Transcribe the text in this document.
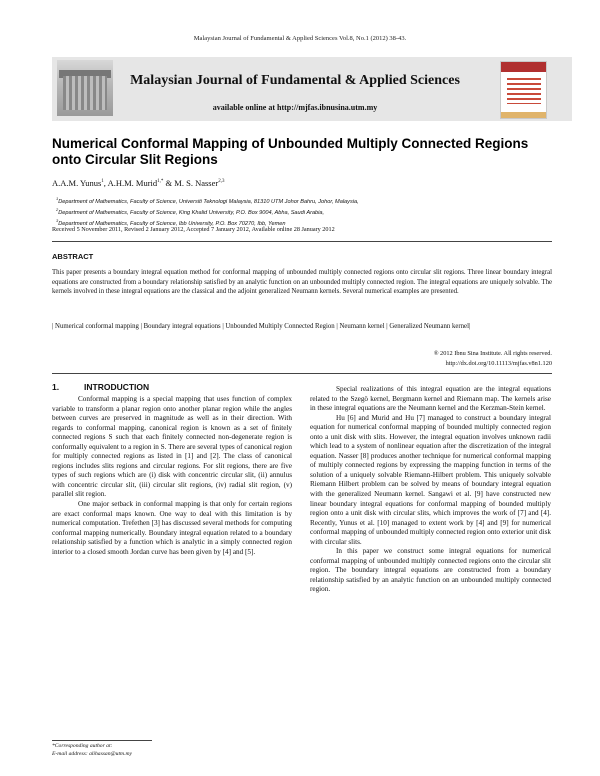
Malaysian Journal of Fundamental & Applied Sciences Vol.8, No.1 (2012) 38-43.
Malaysian Journal of Fundamental & Applied Sciences
available online at http://mjfas.ibnusina.utm.my
Numerical Conformal Mapping of Unbounded Multiply Connected Regions onto Circular Slit Regions
A.A.M. Yunus$^1$, A.H.M. Murid$^{1,*}$ & M. S. Nasser$^{2,3}$
$^1$Department of Mathematics, Faculty of Science, Universiti Teknologi Malaysia, 81310 UTM Johor Bahru, Johor, Malaysia,
$^2$Department of Mathematics, Faculty of Science, King Khalid University, P.O. Box 9004, Abha, Saudi Arabia,
$^3$Department of Mathematics, Faculty of Science, Ibb University, P.O. Box 70270, Ibb, Yemen
Received 5 November 2011, Revised 2 January 2012, Accepted 7 January 2012, Available online 28 January 2012
ABSTRACT
This paper presents a boundary integral equation method for conformal mapping of unbounded multiply connected regions onto circular slit regions. Three linear boundary integral equations are constructed from a boundary relationship satisfied by an analytic function on an unbounded multiply connected region. The integral equations are uniquely solvable. The kernels involved in these integral equations are the classical and the adjoint generalized Neumann kernels. Several numerical examples are presented.
| Numerical conformal mapping | Boundary integral equations | Unbounded Multiply Connected Region | Neumann kernel | Generalized Neumann kernel|
® 2012 Ibnu Sina Institute. All rights reserved.
http://dx.doi.org/10.11113/mjfas.v8n1.120
1.	INTRODUCTION

Conformal mapping is a special mapping that uses function of complex variable to transform a planar region onto another planar region while the angles between curves are preserved in magnitude as well as in their direction. With regards to conformal mapping, canonical region is known as a set of finitely connected regions S such that each finitely connected non-degenerate region is conformally equivalent to a region in S. There are several types of canonical region for multiply connected regions as listed in [1] and [2]. The class of canonical regions includes slits regions and circular regions. For slit regions, there are five types of such regions which are (i) disk with concentric circular slit, (ii) annulus with concentric circular slit, (iii) circular slit regions, (iv) radial slit region, (v) parallel slit region.

One major setback in conformal mapping is that only for certain regions are exact conformal maps known. One way to deal with this limitation is by numerical computation. Trefethen [3] has discussed several methods for computing conformal mapping numerically. Boundary integral equation related to a boundary relationship satisfied by a function which is analytic in a simply connected region interior to a closed smooth Jordan curve has been given by [4] and [5].

Special realizations of this integral equation are the integral equations related to the Szegö kernel, Bergmann kernel and Riemann map. The kernels arise in these integral equations are the Neumann kernel and the Kerzman-Stein kernel.

Hu [6] and Murid and Hu [7] managed to construct a boundary integral equation for numerical conformal mapping of bounded multiply connected region onto a unit disk with slits. However, the integral equation involves unknown radii which lead to a system of nonlinear equation after the discretization of the integral equation. Nasser [8] produces another technique for numerical conformal mapping of multiply connected regions by expressing the mapping function in terms of the solution of a uniquely solvable Riemann-Hilbert problem. This uniquely solvable Riemann Hilbert problem can be solved by means of boundary integral equation with the generalized Neumann kernel. Sangawi et al. [9] have constructed new linear boundary integral equations for conformal mapping of bounded multiply region onto a unit disk with circular slits, which improves the work of [7] and [4]. Recently, Yunus et al. [10] managed to extent work by [4] and [9] for numerical conformal mapping of unbounded multiply connected region onto exterior unit disk with circular slits.

In this paper we construct some integral equations for numerical conformal mapping of unbounded multiply connected regions onto the circular slit region. The boundary integral equations are constructed from a boundary relationship satisfied by an analytic function on an unbounded multiply connected region.

*Corresponding author at:
E-mail address: alihassan@utm.my
